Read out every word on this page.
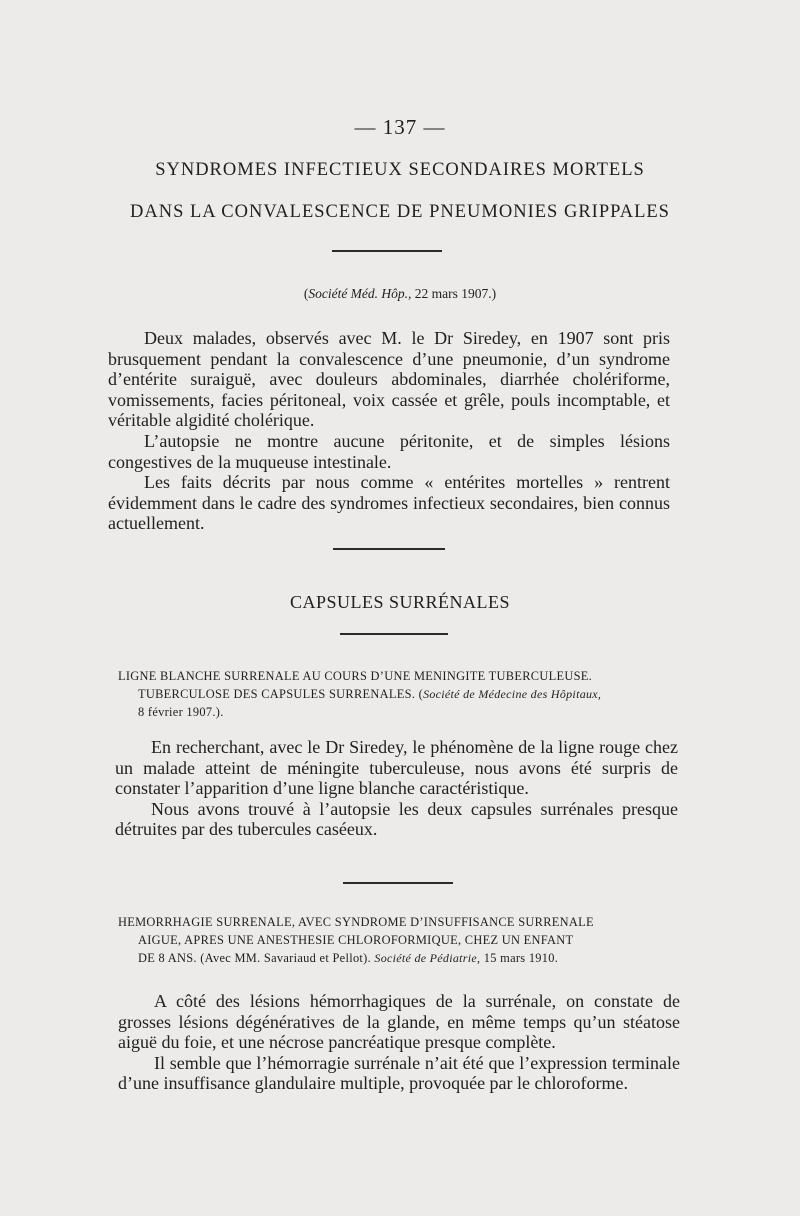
— 137 —
SYNDROMES INFECTIEUX SECONDAIRES MORTELS
DANS LA CONVALESCENCE DE PNEUMONIES GRIPPALES
(Société Méd. Hôp., 22 mars 1907.)

Deux malades, observés avec M. le Dr Siredey, en 1907 sont pris brusquement pendant la convalescence d’une pneumonie, d’un syndrome d’entérite suraiguë, avec douleurs abdominales, diarrhée cholériforme, vomissements, facies péritoneal, voix cassée et grêle, pouls incomptable, et véritable algidité cholérique.

L’autopsie ne montre aucune péritonite, et de simples lésions congestives de la muqueuse intestinale.

Les faits décrits par nous comme « entérites mortelles » rentrent évidemment dans le cadre des syndromes infectieux secondaires, bien connus actuellement.

CAPSULES SURRÉNALES
LIGNE BLANCHE SURRENALE AU COURS D’UNE MENINGITE TUBERCULEUSE.
TUBERCULOSE DES CAPSULES SURRENALES. (Société de Médecine des Hôpitaux,
8 février 1907.).

En recherchant, avec le Dr Siredey, le phénomène de la ligne rouge chez un malade atteint de méningite tuberculeuse, nous avons été surpris de constater l’apparition d’une ligne blanche caractéristique.

Nous avons trouvé à l’autopsie les deux capsules surrénales presque détruites par des tubercules caséeux.

HEMORRHAGIE SURRENALE, AVEC SYNDROME D’INSUFFISANCE SURRENALE
AIGUE, APRES UNE ANESTHESIE CHLOROFORMIQUE, CHEZ UN ENFANT
DE 8 ANS. (Avec MM. Savariaud et Pellot). Société de Pédiatrie, 15 mars 1910.

A côté des lésions hémorrhagiques de la surrénale, on constate de grosses lésions dégénératives de la glande, en même temps qu’un stéatose aiguë du foie, et une nécrose pancréatique presque complète.

Il semble que l’hémorragie surrénale n’ait été que l’expression terminale d’une insuffisance glandulaire multiple, provoquée par le chloroforme.
